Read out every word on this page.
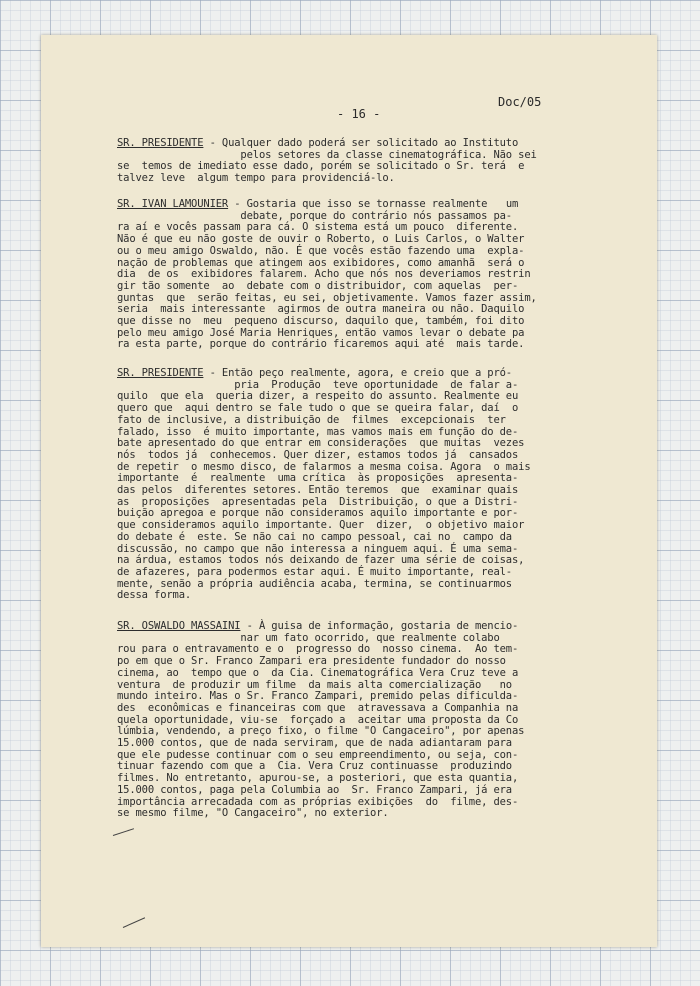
Doc/05
- 16 -
SR. PRESIDENTE - Qualquer dado poderá ser solicitado ao Instituto
pelos setores da classe cinematográfica. Não sei
se  temos de imediato esse dado, porém se solicitado o Sr. terá  e
talvez leve  algum tempo para providenciá-lo.
SR. IVAN LAMOUNIER - Gostaria que isso se tornasse realmente   um
debate, porque do contrário nós passamos pa-
ra aí e vocês passam para cá. O sistema está um pouco  diferente.
Não é que eu não goste de ouvir o Roberto, o Luis Carlos, o Walter
ou o meu amigo Oswaldo, não. É que vocês estão fazendo uma  expla-
nação de problemas que atingem aos exibidores, como amanhã  será o
dia  de os  exibidores falarem. Acho que nós nos deveriamos restrin
gir tão somente  ao  debate com o distribuidor, com aquelas  per-
guntas  que  serão feitas, eu sei, objetivamente. Vamos fazer assim,
seria  mais interessante  agirmos de outra maneira ou não. Daquilo
que disse no  meu  pequeno discurso, daquilo que, também, foi dito
pelo meu amigo José Maria Henriques, então vamos levar o debate pa
ra esta parte, porque do contrário ficaremos aqui até  mais tarde.
SR. PRESIDENTE - Então peço realmente, agora, e creio que a pró-
pria  Produção  teve oportunidade  de falar a-
quilo  que ela  queria dizer, a respeito do assunto. Realmente eu
quero que  aqui dentro se fale tudo o que se queira falar, daí  o
fato de inclusive, a distribuição de  filmes  excepcionais  ter
falado, isso  é muito importante, mas vamos mais em função do de-
bate apresentado do que entrar em considerações  que muitas  vezes
nós  todos já  conhecemos. Quer dizer, estamos todos já  cansados
de repetir  o mesmo disco, de falarmos a mesma coisa. Agora  o mais
importante  é  realmente  uma crítica  às proposições  apresenta-
das pelos  diferentes setores. Então teremos  que  examinar quais
as  proposições  apresentadas pela  Distribuição, o que a Distri-
buição apregoa e porque não consideramos aquilo importante e por-
que consideramos aquilo importante. Quer  dizer,  o objetivo maior
do debate é  este. Se não cai no campo pessoal, cai no  campo da
discussão, no campo que não interessa a ninguem aqui. É uma sema-
na árdua, estamos todos nós deixando de fazer uma série de coisas,
de afazeres, para podermos estar aqui. É muito importante, real-
mente, senão a própria audiência acaba, termina, se continuarmos
dessa forma.
SR. OSWALDO MASSAINI - À guisa de informação, gostaria de mencio-
nar um fato ocorrido, que realmente colabo
rou para o entravamento e o  progresso do  nosso cinema.  Ao tem-
po em que o Sr. Franco Zampari era presidente fundador do nosso
cinema, ao  tempo que o  da Cia. Cinematográfica Vera Cruz teve a
ventura  de produzir um filme  da mais alta comercialização   no
mundo inteiro. Mas o Sr. Franco Zampari, premido pelas dificulda-
des  econômicas e financeiras com que  atravessava a Companhia na
quela oportunidade, viu-se  forçado a  aceitar uma proposta da Co
lúmbia, vendendo, a preço fixo, o filme "O Cangaceiro", por apenas
15.000 contos, que de nada serviram, que de nada adiantaram para
que ele pudesse continuar com o seu empreendimento, ou seja, con-
tinuar fazendo com que a  Cia. Vera Cruz continuasse  produzindo
filmes. No entretanto, apurou-se, a posteriori, que esta quantia,
15.000 contos, paga pela Columbia ao  Sr. Franco Zampari, já era
importância arrecadada com as próprias exibições  do  filme, des-
se mesmo filme, "O Cangaceiro", no exterior.
